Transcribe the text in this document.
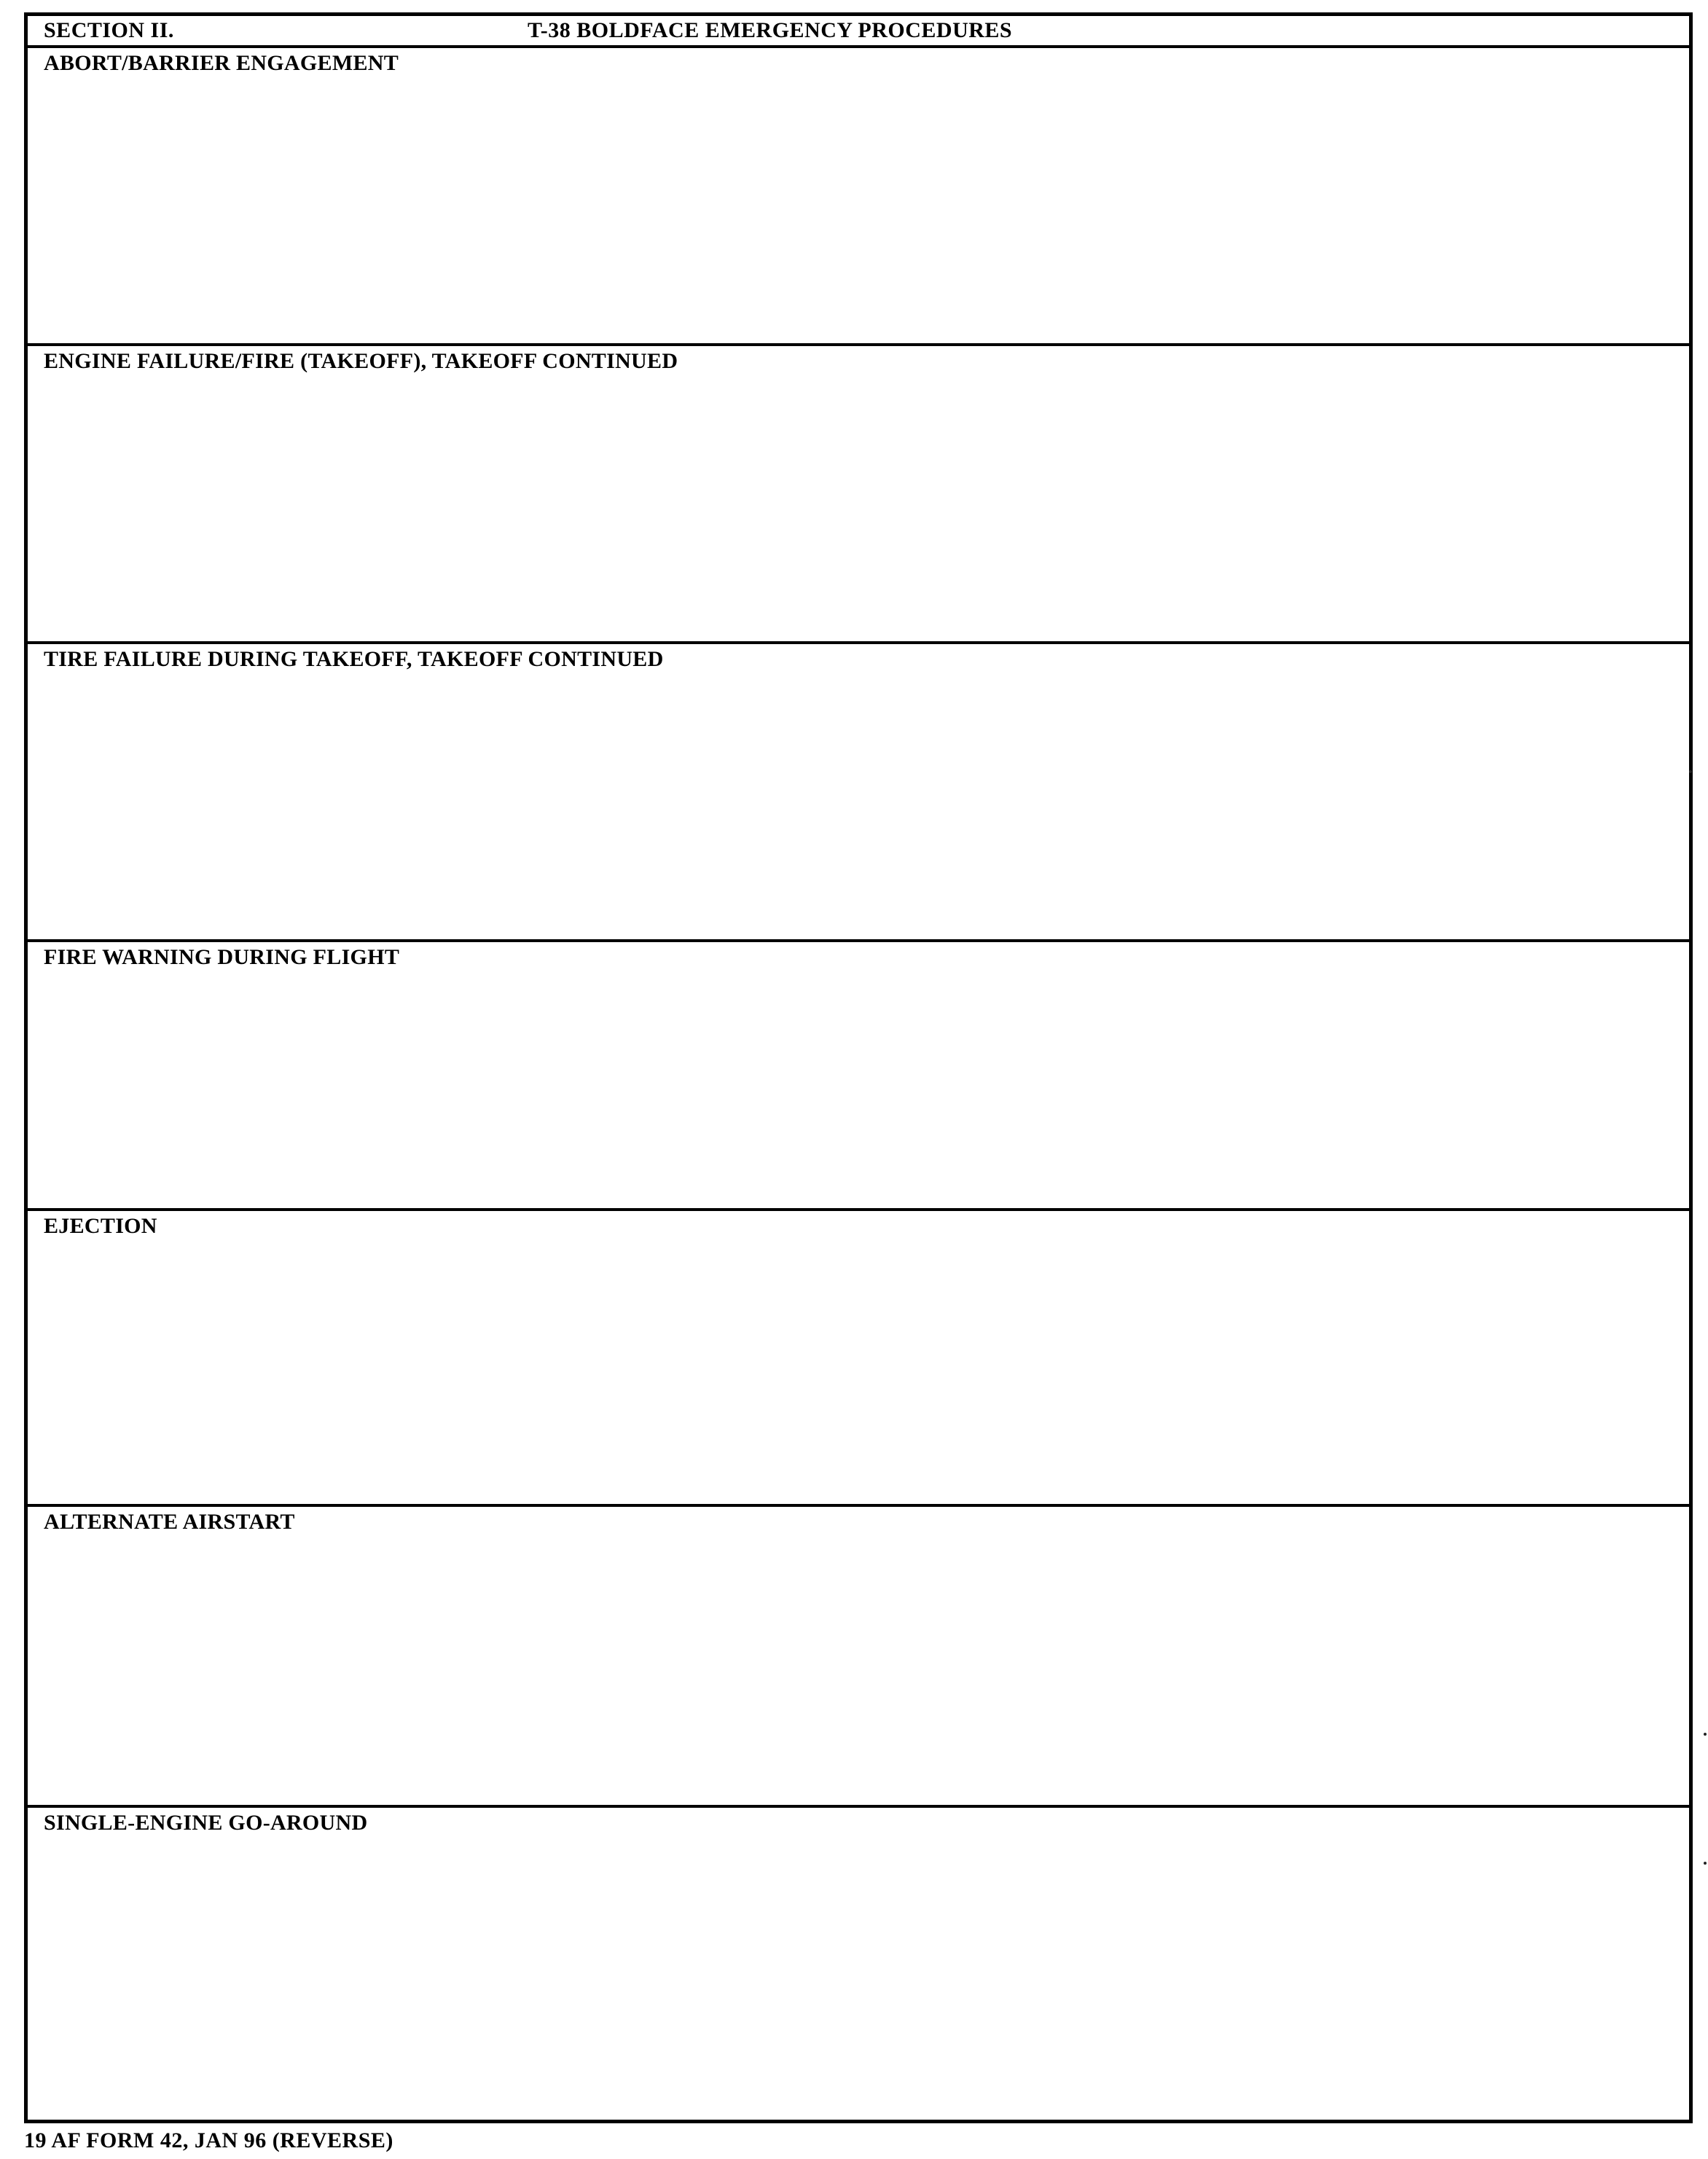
SECTION II.	T-38 BOLDFACE EMERGENCY PROCEDURES
ABORT/BARRIER ENGAGEMENT
ENGINE FAILURE/FIRE (TAKEOFF), TAKEOFF CONTINUED
TIRE FAILURE DURING TAKEOFF, TAKEOFF CONTINUED
FIRE WARNING DURING FLIGHT
EJECTION
ALTERNATE AIRSTART
SINGLE-ENGINE GO-AROUND
19 AF FORM 42, JAN 96 (REVERSE)
